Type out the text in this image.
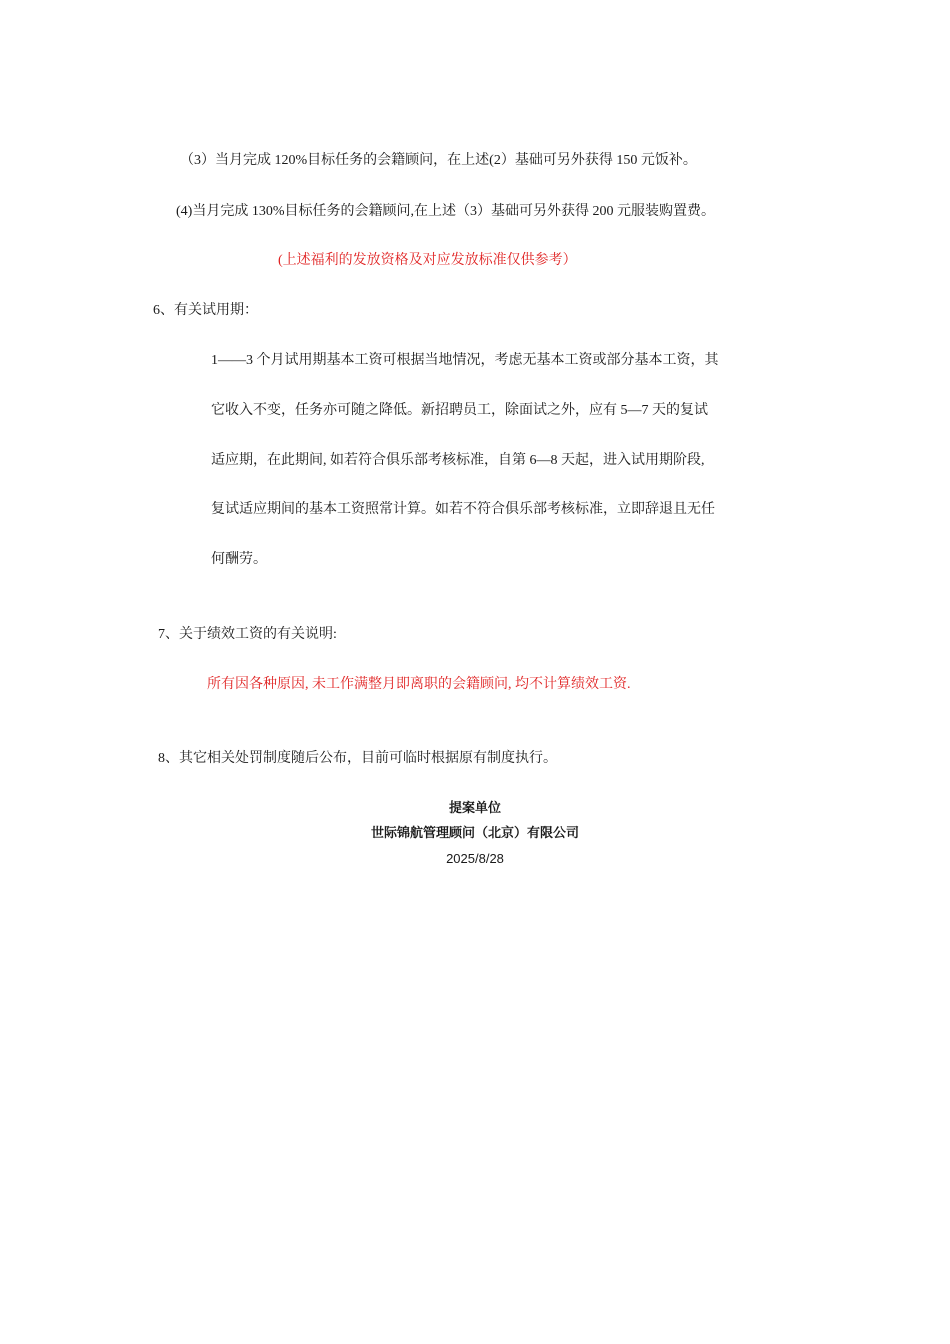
（3）当月完成 120%目标任务的会籍顾问，在上述(2）基础可另外获得 150 元饭补。
(4)当月完成 130%目标任务的会籍顾问,在上述（3）基础可另外获得 200 元服装购置费。
(上述福利的发放资格及对应发放标准仅供参考）
6、有关试用期：
1——3 个月试用期基本工资可根据当地情况，考虑无基本工资或部分基本工资，其
它收入不变，任务亦可随之降低。新招聘员工，除面试之外，应有 5—7 天的复试
适应期，在此期间, 如若符合俱乐部考核标准，自第 6—8 天起，进入试用期阶段,
复试适应期间的基本工资照常计算。如若不符合俱乐部考核标准，立即辞退且无任
何酬劳。
7、关于绩效工资的有关说明:
所有因各种原因, 未工作满整月即离职的会籍顾问, 均不计算绩效工资.
8、其它相关处罚制度随后公布，目前可临时根据原有制度执行。
提案单位
世际锦航管理顾问（北京）有限公司
2025/8/28
